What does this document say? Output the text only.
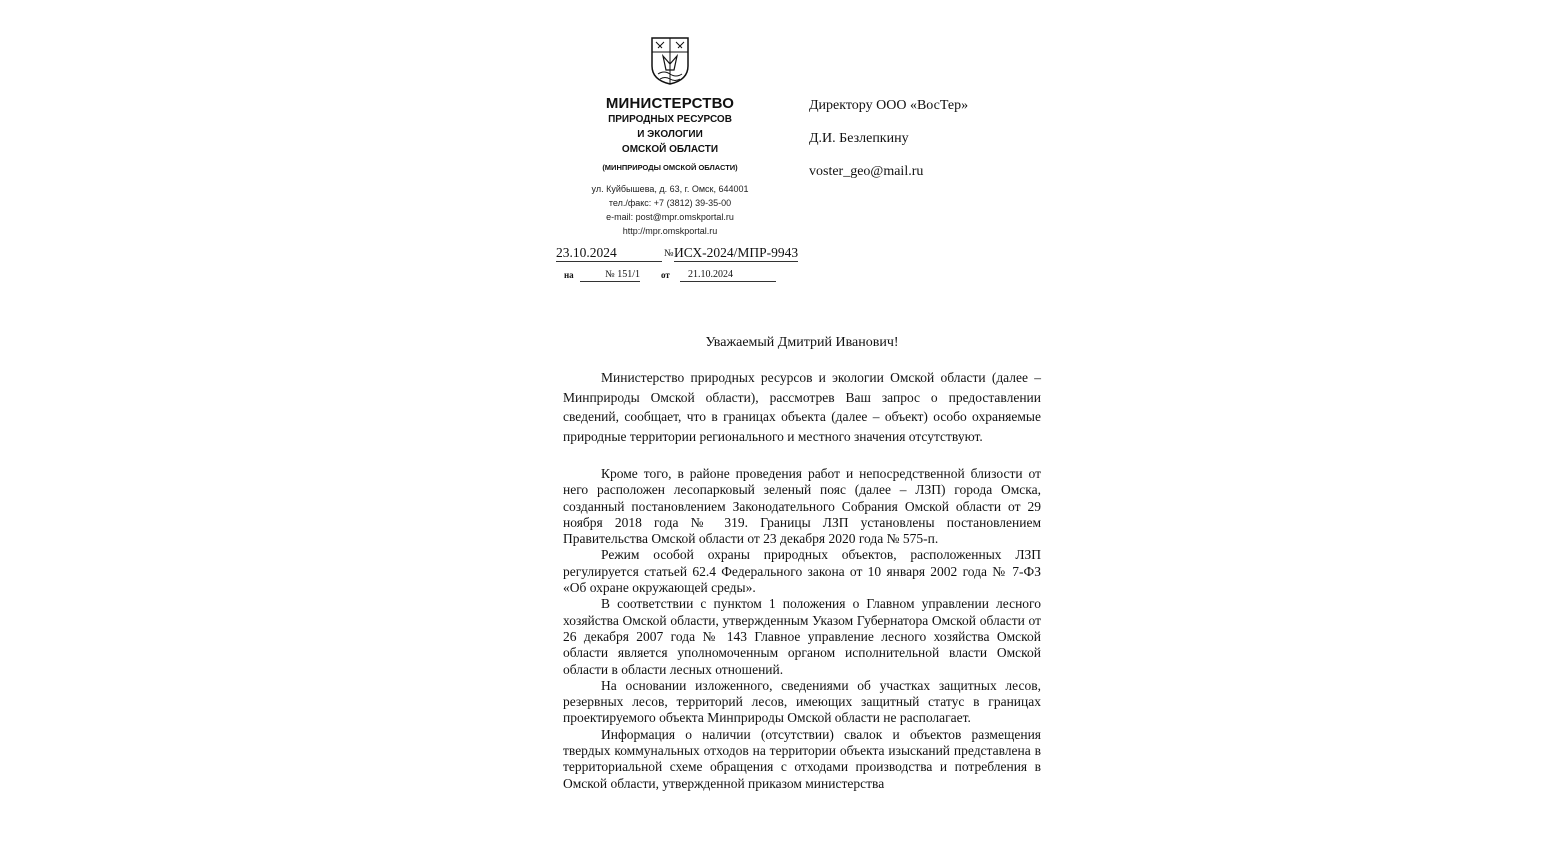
МИНИСТЕРСТВО
ПРИРОДНЫХ РЕСУРСОВ
И ЭКОЛОГИИ
ОМСКОЙ ОБЛАСТИ
(МИНПРИРОДЫ ОМСКОЙ ОБЛАСТИ)
ул. Куйбышева, д. 63, г. Омск, 644001
тел./факс: +7 (3812) 39-35-00
e-mail: post@mpr.omskportal.ru
http://mpr.omskportal.ru
Директору ООО «ВосТер»
Д.И. Безлепкину
voster_geo@mail.ru
23.10.2024	№ ИСХ-2024/МПР-9943
на	№ 151/1 от	21.10.2024
Уважаемый Дмитрий Иванович!

Министерство природных ресурсов и экологии Омской области (далее – Минприроды Омской области), рассмотрев Ваш запрос о предоставлении сведений, сообщает, что в границах объекта (далее – объект) особо охраняемые природные территории регионального и местного значения отсутствуют.

Кроме того, в районе проведения работ и непосредственной близости от него расположен лесопарковый зеленый пояс (далее – ЛЗП) города Омска, созданный постановлением Законодательного Собрания Омской области от 29 ноября 2018 года № 319. Границы ЛЗП установлены постановлением Правительства Омской области от 23 декабря 2020 года № 575-п.

Режим особой охраны природных объектов, расположенных ЛЗП регулируется статьей 62.4 Федерального закона от 10 января 2002 года № 7-ФЗ «Об охране окружающей среды».

В соответствии с пунктом 1 положения о Главном управлении лесного хозяйства Омской области, утвержденным Указом Губернатора Омской области от 26 декабря 2007 года № 143 Главное управление лесного хозяйства Омской области является уполномоченным органом исполнительной власти Омской области в области лесных отношений.

На основании изложенного, сведениями об участках защитных лесов, резервных лесов, территорий лесов, имеющих защитный статус в границах проектируемого объекта Минприроды Омской области не располагает.

Информация о наличии (отсутствии) свалок и объектов размещения твердых коммунальных отходов на территории объекта изысканий представлена в территориальной схеме обращения с отходами производства и потребления в Омской области, утвержденной приказом министерства
